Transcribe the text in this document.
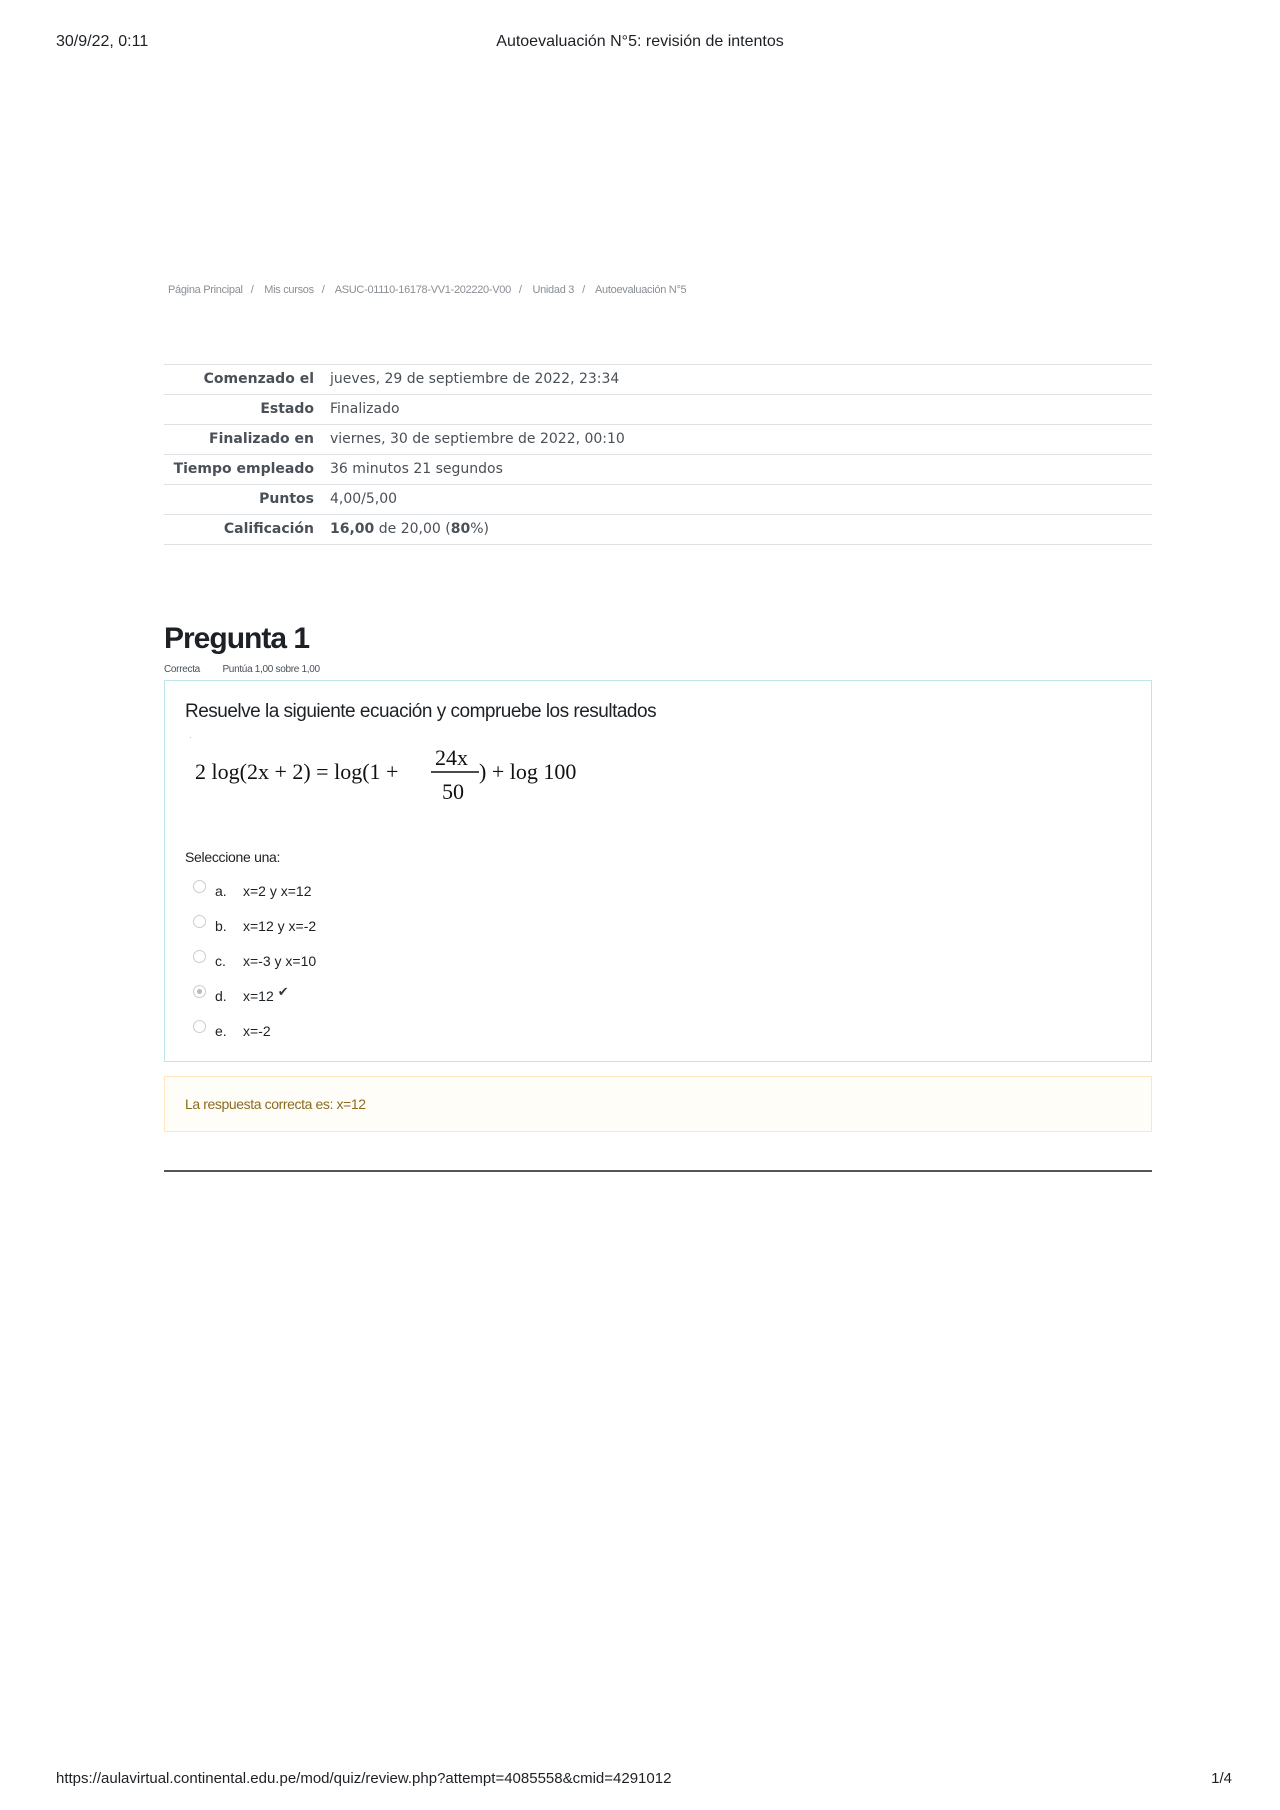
30/9/22, 0:11	Autoevaluación N°5: revisión de intentos
Página Principal / Mis cursos / ASUC-01110-16178-VV1-202220-V00 / Unidad 3 / Autoevaluación N°5
Comenzado el	jueves, 29 de septiembre de 2022, 23:34
Estado	Finalizado
Finalizado en	viernes, 30 de septiembre de 2022, 00:10
Tiempo empleado	36 minutos 21 segundos
Puntos	4,00/5,00
Calificación	16,00 de 20,00 (80%)
Pregunta 1
Correcta Puntúa 1,00 sobre 1,00
Resuelve la siguiente ecuación y compruebe los resultados
·
2 log(2x + 2) = log(1 +
24x
50
) + log 100
Seleccione una:
a.	x=2 y x=12
b.	x=12 y x=-2
c.	x=-3 y x=10
d.	x=12 ✔
e.	x=-2
La respuesta correcta es: x=12
https://aulavirtual.continental.edu.pe/mod/quiz/review.php?attempt=4085558&cmid=4291012	1/4
